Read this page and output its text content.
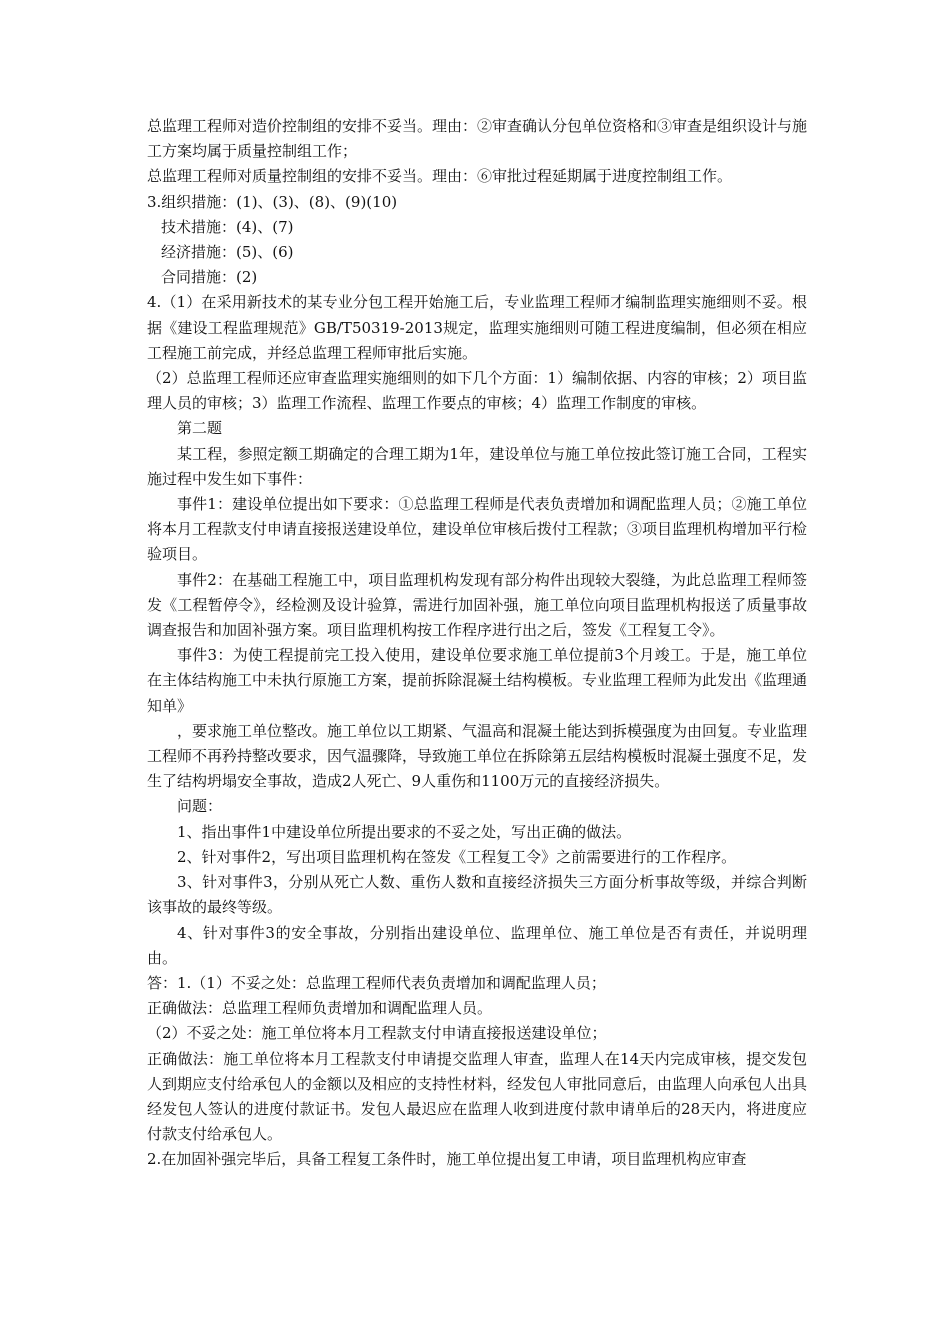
总监理工程师对造价控制组的安排不妥当。理由：②审查确认分包单位资格和③审查是组织设计与施工方案均属于质量控制组工作；

总监理工程师对质量控制组的安排不妥当。理由：⑥审批过程延期属于进度控制组工作。

3.组织措施：(1)、(3)、(8)、(9)(10)

技术措施：(4)、(7)

经济措施：(5)、(6)

合同措施：(2)

4.（1）在采用新技术的某专业分包工程开始施工后，专业监理工程师才编制监理实施细则不妥。根据《建设工程监理规范》GB/T50319-2013规定，监理实施细则可随工程进度编制，但必须在相应工程施工前完成，并经总监理工程师审批后实施。

（2）总监理工程师还应审查监理实施细则的如下几个方面：1）编制依据、内容的审核；2）项目监理人员的审核；3）监理工作流程、监理工作要点的审核；4）监理工作制度的审核。

第二题

某工程，参照定额工期确定的合理工期为1年，建设单位与施工单位按此签订施工合同，工程实施过程中发生如下事件：

事件1：建设单位提出如下要求：①总监理工程师是代表负责增加和调配监理人员；②施工单位将本月工程款支付申请直接报送建设单位，建设单位审核后拨付工程款；③项目监理机构增加平行检验项目。

事件2：在基础工程施工中，项目监理机构发现有部分构件出现较大裂缝，为此总监理工程师签发《工程暂停令》，经检测及设计验算，需进行加固补强，施工单位向项目监理机构报送了质量事故调查报告和加固补强方案。项目监理机构按工作程序进行出之后，签发《工程复工令》。

事件3：为使工程提前完工投入使用，建设单位要求施工单位提前3个月竣工。于是，施工单位在主体结构施工中未执行原施工方案，提前拆除混凝土结构模板。专业监理工程师为此发出《监理通知单》

，要求施工单位整改。施工单位以工期紧、气温高和混凝土能达到拆模强度为由回复。专业监理工程师不再矜持整改要求，因气温骤降，导致施工单位在拆除第五层结构模板时混凝土强度不足，发生了结构坍塌安全事故，造成2人死亡、9人重伤和1100万元的直接经济损失。

问题：

1、指出事件1中建设单位所提出要求的不妥之处，写出正确的做法。

2、针对事件2，写出项目监理机构在签发《工程复工令》之前需要进行的工作程序。

3、针对事件3，分别从死亡人数、重伤人数和直接经济损失三方面分析事故等级，并综合判断该事故的最终等级。

4、针对事件3的安全事故，分别指出建设单位、监理单位、施工单位是否有责任，并说明理由。

答：1.（1）不妥之处：总监理工程师代表负责增加和调配监理人员；

正确做法：总监理工程师负责增加和调配监理人员。

（2）不妥之处：施工单位将本月工程款支付申请直接报送建设单位；

正确做法：施工单位将本月工程款支付申请提交监理人审查，监理人在14天内完成审核，提交发包人到期应支付给承包人的金额以及相应的支持性材料，经发包人审批同意后，由监理人向承包人出具经发包人签认的进度付款证书。发包人最迟应在监理人收到进度付款申请单后的28天内，将进度应付款支付给承包人。

2.在加固补强完毕后，具备工程复工条件时，施工单位提出复工申请，项目监理机构应审查
